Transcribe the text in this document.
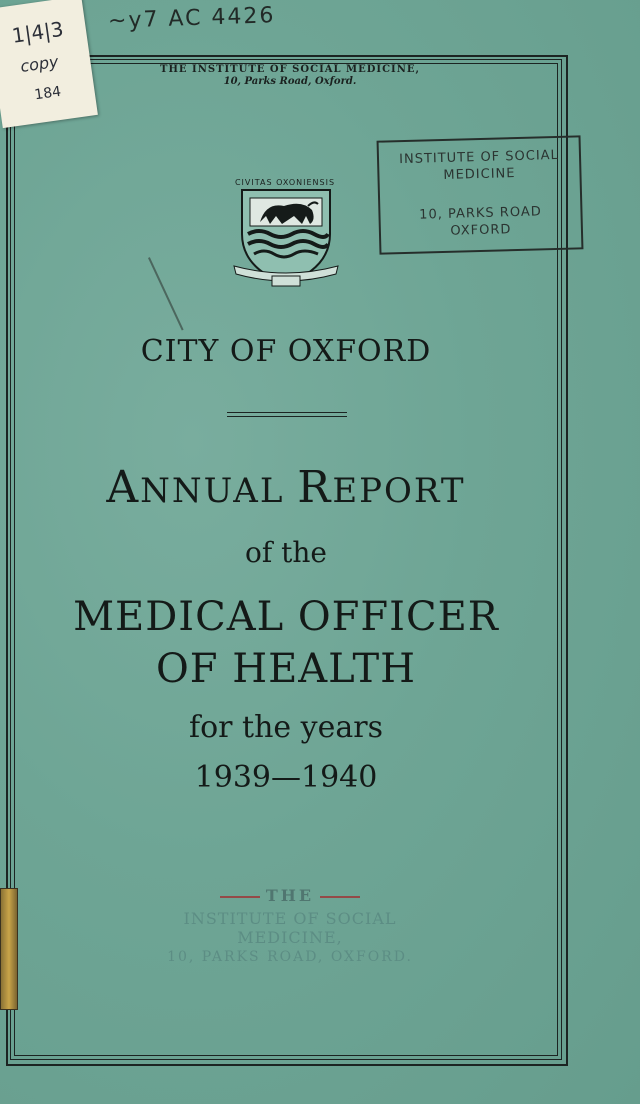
~y7 AC 4426
1|4|3
copy
184
THE INSTITUTE OF SOCIAL MEDICINE,
10, Parks Road, Oxford.
INSTITUTE OF SOCIAL
MEDICINE
10, PARKS ROAD
OXFORD
CIVITAS OXONIENSIS
CITY OF OXFORD
ANNUAL REPORT
of the
MEDICAL OFFICER
OF HEALTH
for the years
1939—1940
THE
INSTITUTE OF SOCIAL MEDICINE,
10, PARKS ROAD, OXFORD.
